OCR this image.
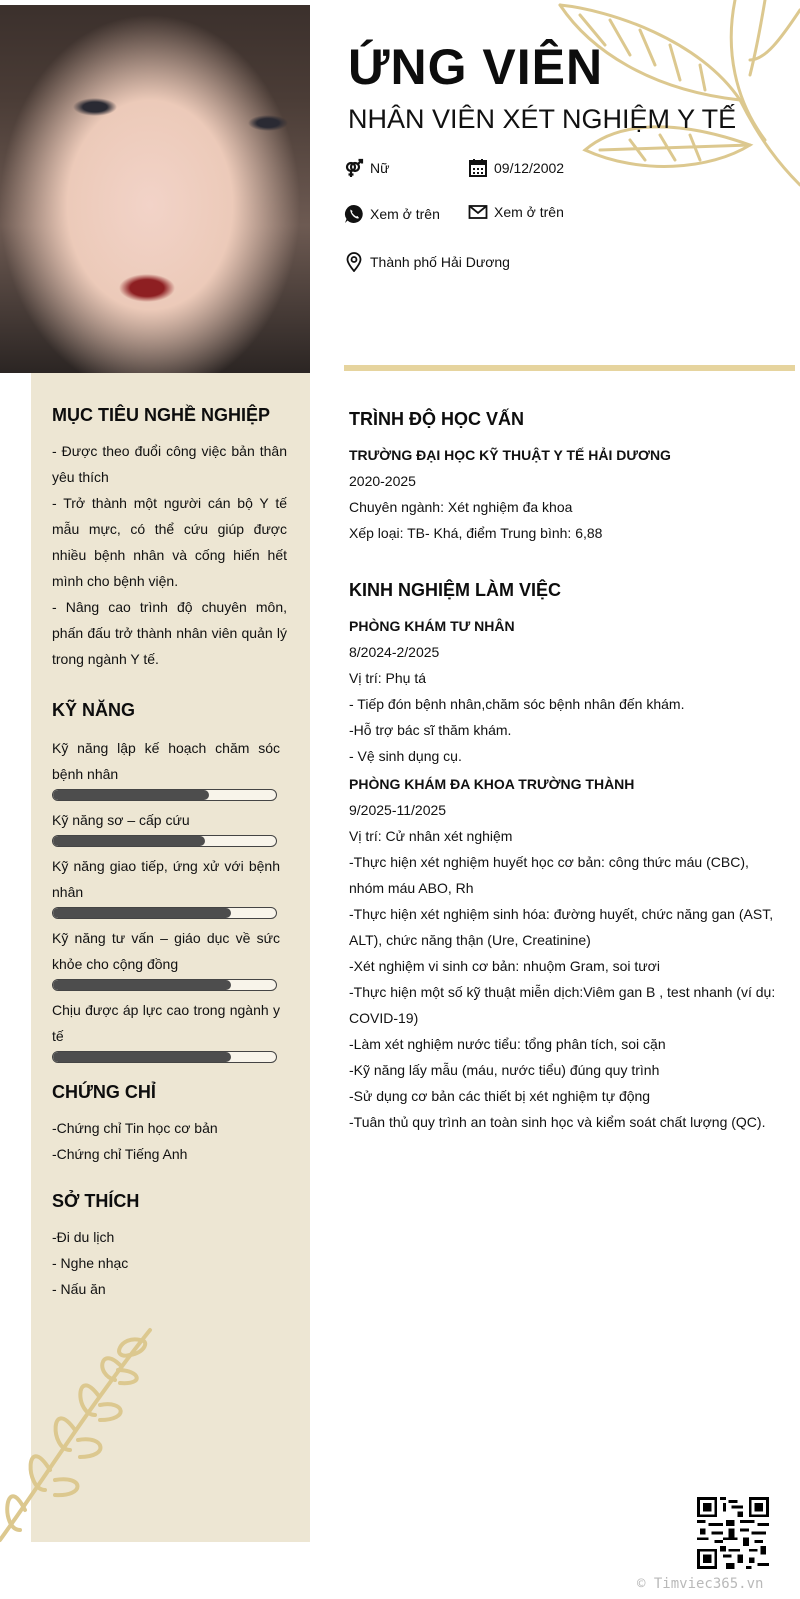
ỨNG VIÊN
NHÂN VIÊN XÉT NGHIỆM Y TẾ
Nữ	09/12/2002
Xem ở trên	Xem ở trên
Thành phố Hải Dương
MỤC TIÊU NGHỀ NGHIỆP
- Được theo đuổi công việc bản thân yêu thích
- Trở thành một người cán bộ Y tế mẫu mực, có thể cứu giúp được nhiều bệnh nhân và cống hiến hết mình cho bệnh viện.
- Nâng cao trình độ chuyên môn, phấn đấu trở thành nhân viên quản lý trong ngành Y tế.
KỸ NĂNG
Kỹ năng lập kế hoạch chăm sóc bệnh nhân
Kỹ năng sơ – cấp cứu
Kỹ năng giao tiếp, ứng xử với bệnh nhân
Kỹ năng tư vấn – giáo dục về sức khỏe cho cộng đồng
Chịu được áp lực cao trong ngành y tế
CHỨNG CHỈ
-Chứng chỉ Tin học cơ bản
-Chứng chỉ Tiếng Anh
SỞ THÍCH
-Đi du lịch
- Nghe nhạc
- Nấu ăn
TRÌNH ĐỘ HỌC VẤN
TRƯỜNG ĐẠI HỌC KỸ THUẬT Y TẾ HẢI DƯƠNG
2020-2025
Chuyên ngành: Xét nghiệm đa khoa
Xếp loại: TB- Khá, điểm Trung bình: 6,88
KINH NGHIỆM LÀM VIỆC
PHÒNG KHÁM TƯ NHÂN
8/2024-2/2025
Vị trí: Phụ tá
- Tiếp đón bệnh nhân,chăm sóc bệnh nhân đến khám.
-Hỗ trợ bác sĩ thăm khám.
- Vệ sinh dụng cụ.
PHÒNG KHÁM ĐA KHOA TRƯỜNG THÀNH
9/2025-11/2025
Vị trí: Cử nhân xét nghiệm
-Thực hiện xét nghiệm huyết học cơ bản: công thức máu (CBC), nhóm máu ABO, Rh
-Thực hiện xét nghiệm sinh hóa: đường huyết, chức năng gan (AST, ALT), chức năng thận (Ure, Creatinine)
-Xét nghiệm vi sinh cơ bản: nhuộm Gram, soi tươi
-Thực hiện một số kỹ thuật miễn dịch:Viêm gan B , test nhanh (ví dụ: COVID-19)
-Làm xét nghiệm nước tiểu: tổng phân tích, soi cặn
-Kỹ năng lấy mẫu (máu, nước tiểu) đúng quy trình
-Sử dụng cơ bản các thiết bị xét nghiệm tự động
-Tuân thủ quy trình an toàn sinh học và kiểm soát chất lượng (QC).
© Timviec365.vn
